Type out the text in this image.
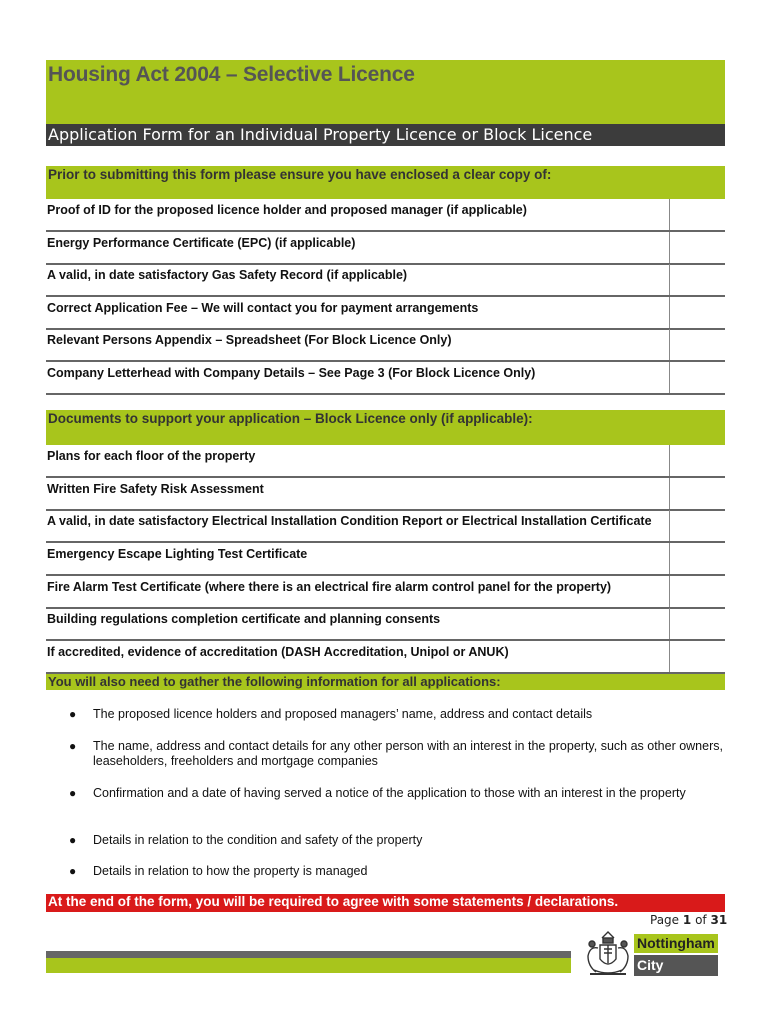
Housing Act 2004 – Selective Licence
Application Form for an Individual Property Licence or Block Licence
Prior to submitting this form please ensure you have enclosed a clear copy of:
Proof of ID for the proposed licence holder and proposed manager (if applicable)
Energy Performance Certificate (EPC) (if applicable)
A valid, in date satisfactory Gas Safety Record (if applicable)
Correct Application Fee – We will contact you for payment arrangements
Relevant Persons Appendix – Spreadsheet (For Block Licence Only)
Company Letterhead with Company Details – See Page 3 (For Block Licence Only)
Documents to support your application – Block Licence only (if applicable):
Plans for each floor of the property
Written Fire Safety Risk Assessment
A valid, in date satisfactory Electrical Installation Condition Report or Electrical Installation Certificate
Emergency Escape Lighting Test Certificate
Fire Alarm Test Certificate (where there is an electrical fire alarm control panel for the property)
Building regulations completion certificate and planning consents
If accredited, evidence of accreditation (DASH Accreditation, Unipol or ANUK)
You will also need to gather the following information for all applications:
● The proposed licence holders and proposed managers’ name, address and contact details
● The name, address and contact details for any other person with an interest in the property, such as other owners, leaseholders, freeholders and mortgage companies
● Confirmation and a date of having served a notice of the application to those with an interest in the property
● Details in relation to the condition and safety of the property
● Details in relation to how the property is managed
At the end of the form, you will be required to agree with some statements / declarations.
Page 1 of 31
Nottingham
City Council
